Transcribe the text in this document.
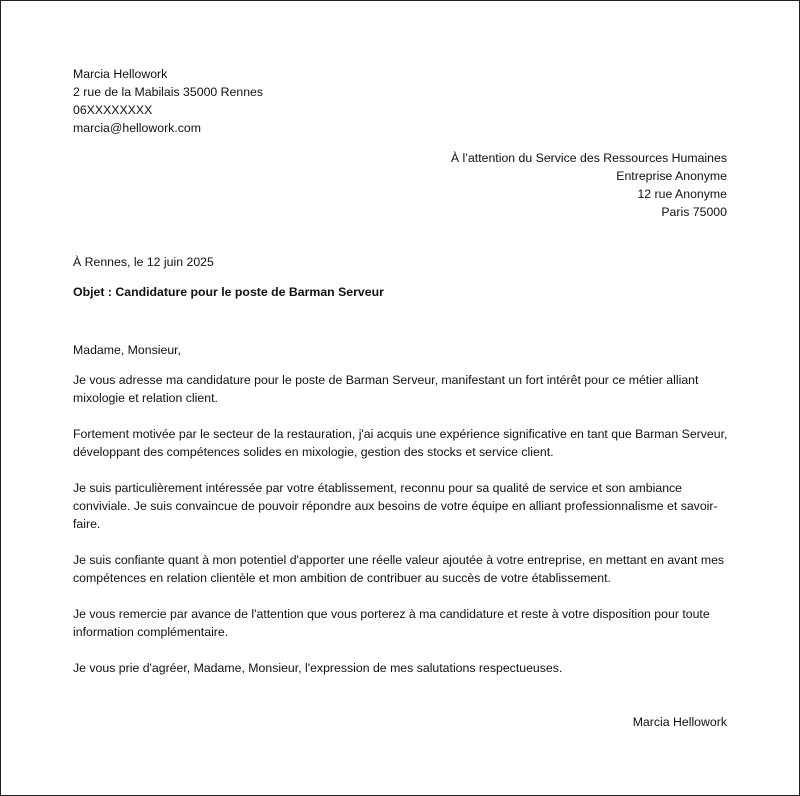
Marcia Hellowork
2 rue de la Mabilais 35000 Rennes
06XXXXXXXX
marcia@hellowork.com
À l’attention du Service des Ressources Humaines
Entreprise Anonyme
12 rue Anonyme
Paris 75000
À Rennes, le 12 juin 2025
Objet : Candidature pour le poste de Barman Serveur
Madame, Monsieur,
Je vous adresse ma candidature pour le poste de Barman Serveur, manifestant un fort intérêt pour ce métier alliant mixologie et relation client.
Fortement motivée par le secteur de la restauration, j'ai acquis une expérience significative en tant que Barman Serveur, développant des compétences solides en mixologie, gestion des stocks et service client.
Je suis particulièrement intéressée par votre établissement, reconnu pour sa qualité de service et son ambiance conviviale. Je suis convaincue de pouvoir répondre aux besoins de votre équipe en alliant professionnalisme et savoir-faire.
Je suis confiante quant à mon potentiel d'apporter une réelle valeur ajoutée à votre entreprise, en mettant en avant mes compétences en relation clientèle et mon ambition de contribuer au succès de votre établissement.
Je vous remercie par avance de l'attention que vous porterez à ma candidature et reste à votre disposition pour toute information complémentaire.
Je vous prie d'agréer, Madame, Monsieur, l'expression de mes salutations respectueuses.
Marcia Hellowork
